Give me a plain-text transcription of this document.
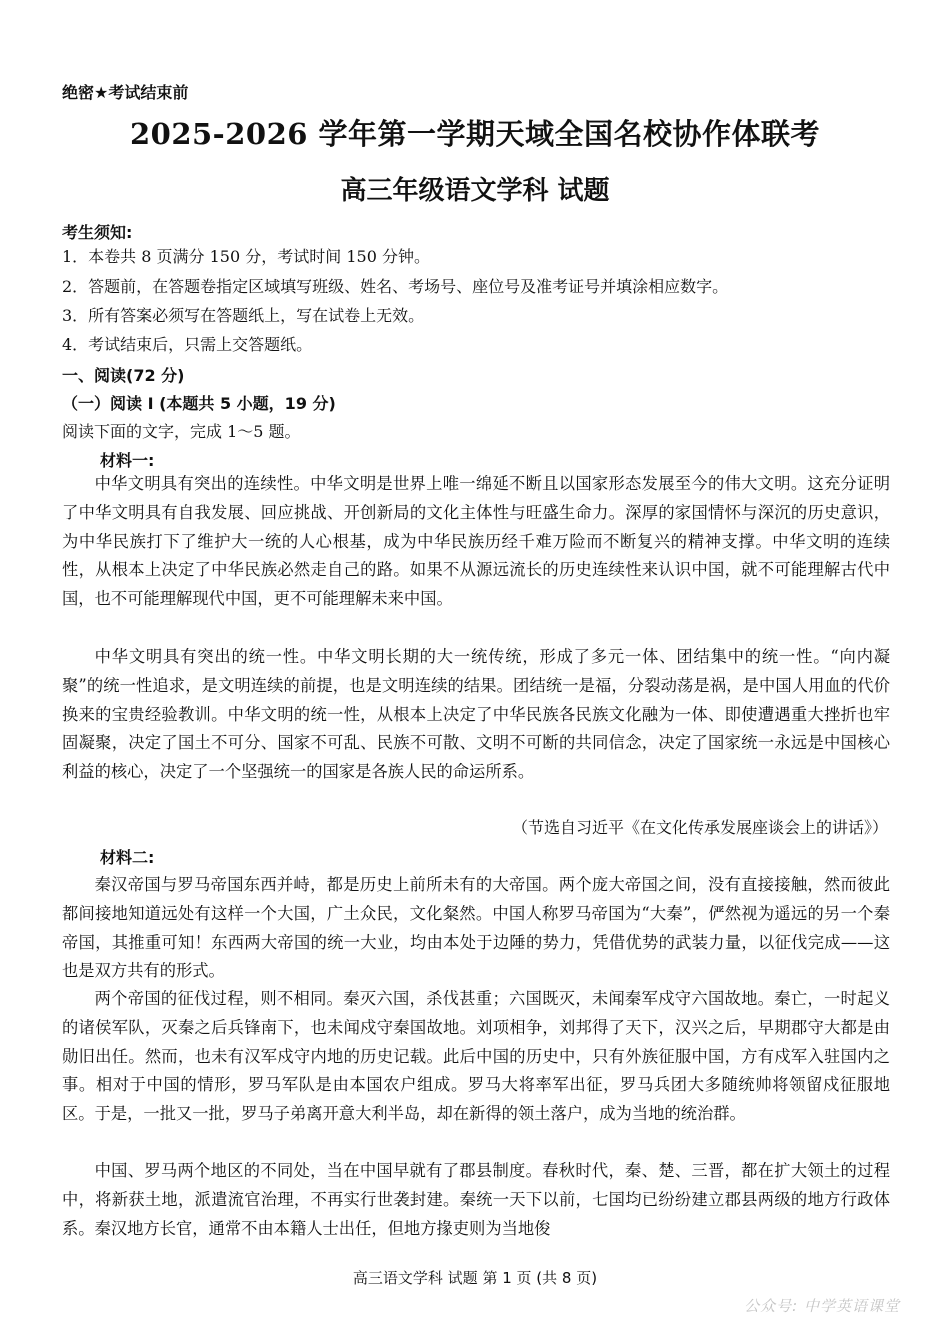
绝密★考试结束前
2025-2026 学年第一学期天域全国名校协作体联考
高三年级语文学科 试题
考生须知:
1．本卷共 8 页满分 150 分，考试时间 150 分钟。
2．答题前，在答题卷指定区域填写班级、姓名、考场号、座位号及准考证号并填涂相应数字。
3．所有答案必须写在答题纸上，写在试卷上无效。
4．考试结束后，只需上交答题纸。
一、阅读(72 分)
（一）阅读 I (本题共 5 小题，19 分)
阅读下面的文字，完成 1～5 题。
材料一:

中华文明具有突出的连续性。中华文明是世界上唯一绵延不断且以国家形态发展至今的伟大文明。这充分证明了中华文明具有自我发展、回应挑战、开创新局的文化主体性与旺盛生命力。深厚的家国情怀与深沉的历史意识，为中华民族打下了维护大一统的人心根基，成为中华民族历经千难万险而不断复兴的精神支撑。中华文明的连续性，从根本上决定了中华民族必然走自己的路。如果不从源远流长的历史连续性来认识中国，就不可能理解古代中国，也不可能理解现代中国，更不可能理解未来中国。

中华文明具有突出的统一性。中华文明长期的大一统传统，形成了多元一体、团结集中的统一性。“向内凝聚”的统一性追求，是文明连续的前提，也是文明连续的结果。团结统一是福，分裂动荡是祸，是中国人用血的代价换来的宝贵经验教训。中华文明的统一性，从根本上决定了中华民族各民族文化融为一体、即使遭遇重大挫折也牢固凝聚，决定了国土不可分、国家不可乱、民族不可散、文明不可断的共同信念，决定了国家统一永远是中国核心利益的核心，决定了一个坚强统一的国家是各族人民的命运所系。

（节选自习近平《在文化传承发展座谈会上的讲话》）
材料二:

秦汉帝国与罗马帝国东西并峙，都是历史上前所未有的大帝国。两个庞大帝国之间，没有直接接触，然而彼此都间接地知道远处有这样一个大国，广土众民，文化粲然。中国人称罗马帝国为“大秦”，俨然视为遥远的另一个秦帝国，其推重可知！东西两大帝国的统一大业，均由本处于边陲的势力，凭借优势的武装力量，以征伐完成——这也是双方共有的形式。

两个帝国的征伐过程，则不相同。秦灭六国，杀伐甚重；六国既灭，未闻秦军戍守六国故地。秦亡，一时起义的诸侯军队，灭秦之后兵锋南下，也未闻戍守秦国故地。刘项相争，刘邦得了天下，汉兴之后，早期郡守大都是由勋旧出任。然而，也未有汉军戍守内地的历史记载。此后中国的历史中，只有外族征服中国，方有戍军入驻国内之事。相对于中国的情形，罗马军队是由本国农户组成。罗马大将率军出征，罗马兵团大多随统帅将领留戍征服地区。于是，一批又一批，罗马子弟离开意大利半岛，却在新得的领土落户，成为当地的统治群。

中国、罗马两个地区的不同处，当在中国早就有了郡县制度。春秋时代，秦、楚、三晋，都在扩大领土的过程中，将新获土地，派遣流官治理，不再实行世袭封建。秦统一天下以前，七国均已纷纷建立郡县两级的地方行政体系。秦汉地方长官，通常不由本籍人士出任，但地方掾吏则为当地俊

高三语文学科 试题 第 1 页 (共 8 页)
公众号: 中学英语课堂
